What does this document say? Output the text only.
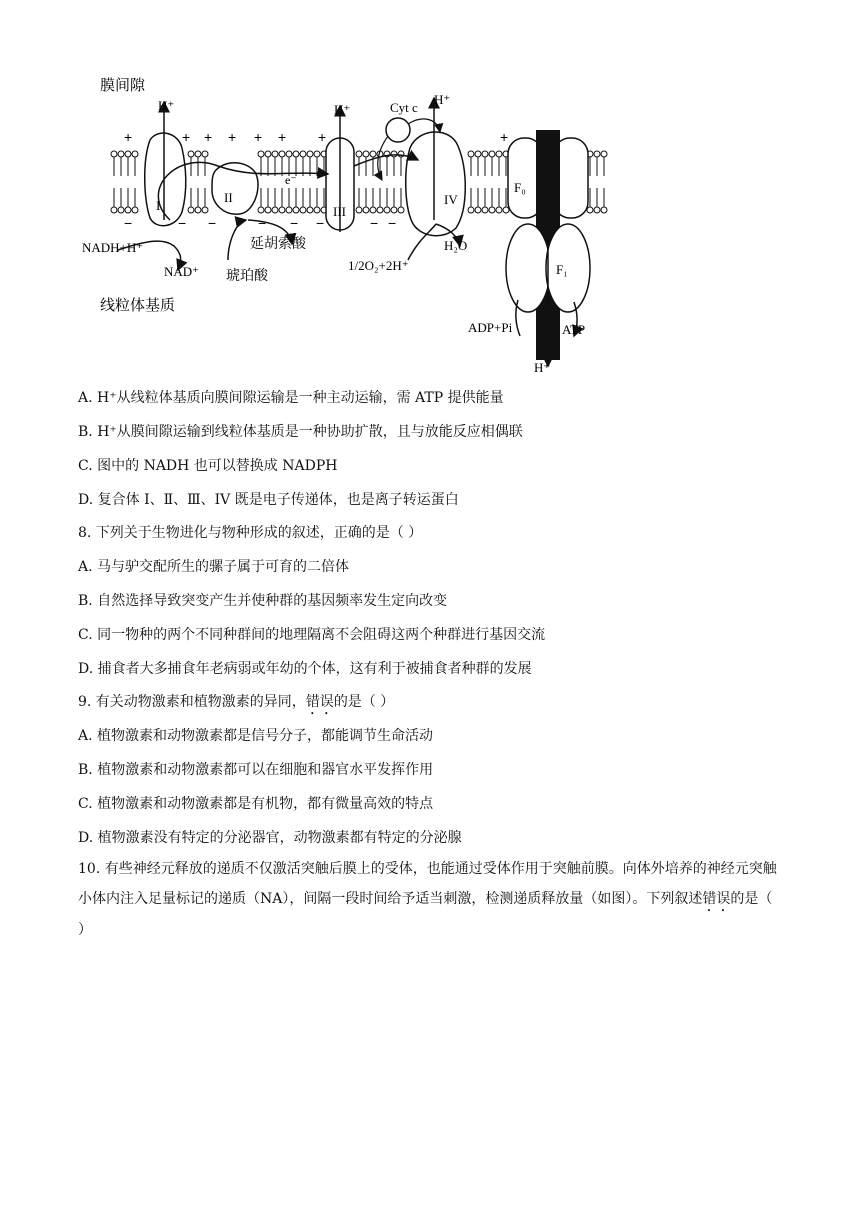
膜间隙
线粒体基质
H⁺	H⁺
H⁺
H⁺
Cyt c
e⁻
I
II
III
IV
F₀
F₁
NADH+H⁺
NAD⁺
延胡索酸
琥珀酸
1/2O₂+2H⁺
H₂O
ADP+Pi	ATP
+	+ + + + + +	+
−	− −	− − −	− −
A. H⁺从线粒体基质向膜间隙运输是一种主动运输，需 ATP 提供能量
B. H⁺从膜间隙运输到线粒体基质是一种协助扩散，且与放能反应相偶联
C. 图中的 NADH 也可以替换成 NADPH
D. 复合体 I、Ⅱ、Ⅲ、IV 既是电子传递体，也是离子转运蛋白
8. 下列关于生物进化与物种形成的叙述，正确的是（ ）
A. 马与驴交配所生的骡子属于可育的二倍体
B. 自然选择导致突变产生并使种群的基因频率发生定向改变
C. 同一物种的两个不同种群间的地理隔离不会阻碍这两个种群进行基因交流
D. 捕食者大多捕食年老病弱或年幼的个体，这有利于被捕食者种群的发展
9. 有关动物激素和植物激素的异同，错误的是（ ）
A. 植物激素和动物激素都是信号分子，都能调节生命活动
B. 植物激素和动物激素都可以在细胞和器官水平发挥作用
C. 植物激素和动物激素都是有机物，都有微量高效的特点
D. 植物激素没有特定的分泌器官，动物激素都有特定的分泌腺
10. 有些神经元释放的递质不仅激活突触后膜上的受体，也能通过受体作用于突触前膜。向体外培养的神经元突触小体内注入足量标记的递质（NA），间隔一段时间给予适当刺激，检测递质释放量（如图）。下列叙述错误的是（ ）
